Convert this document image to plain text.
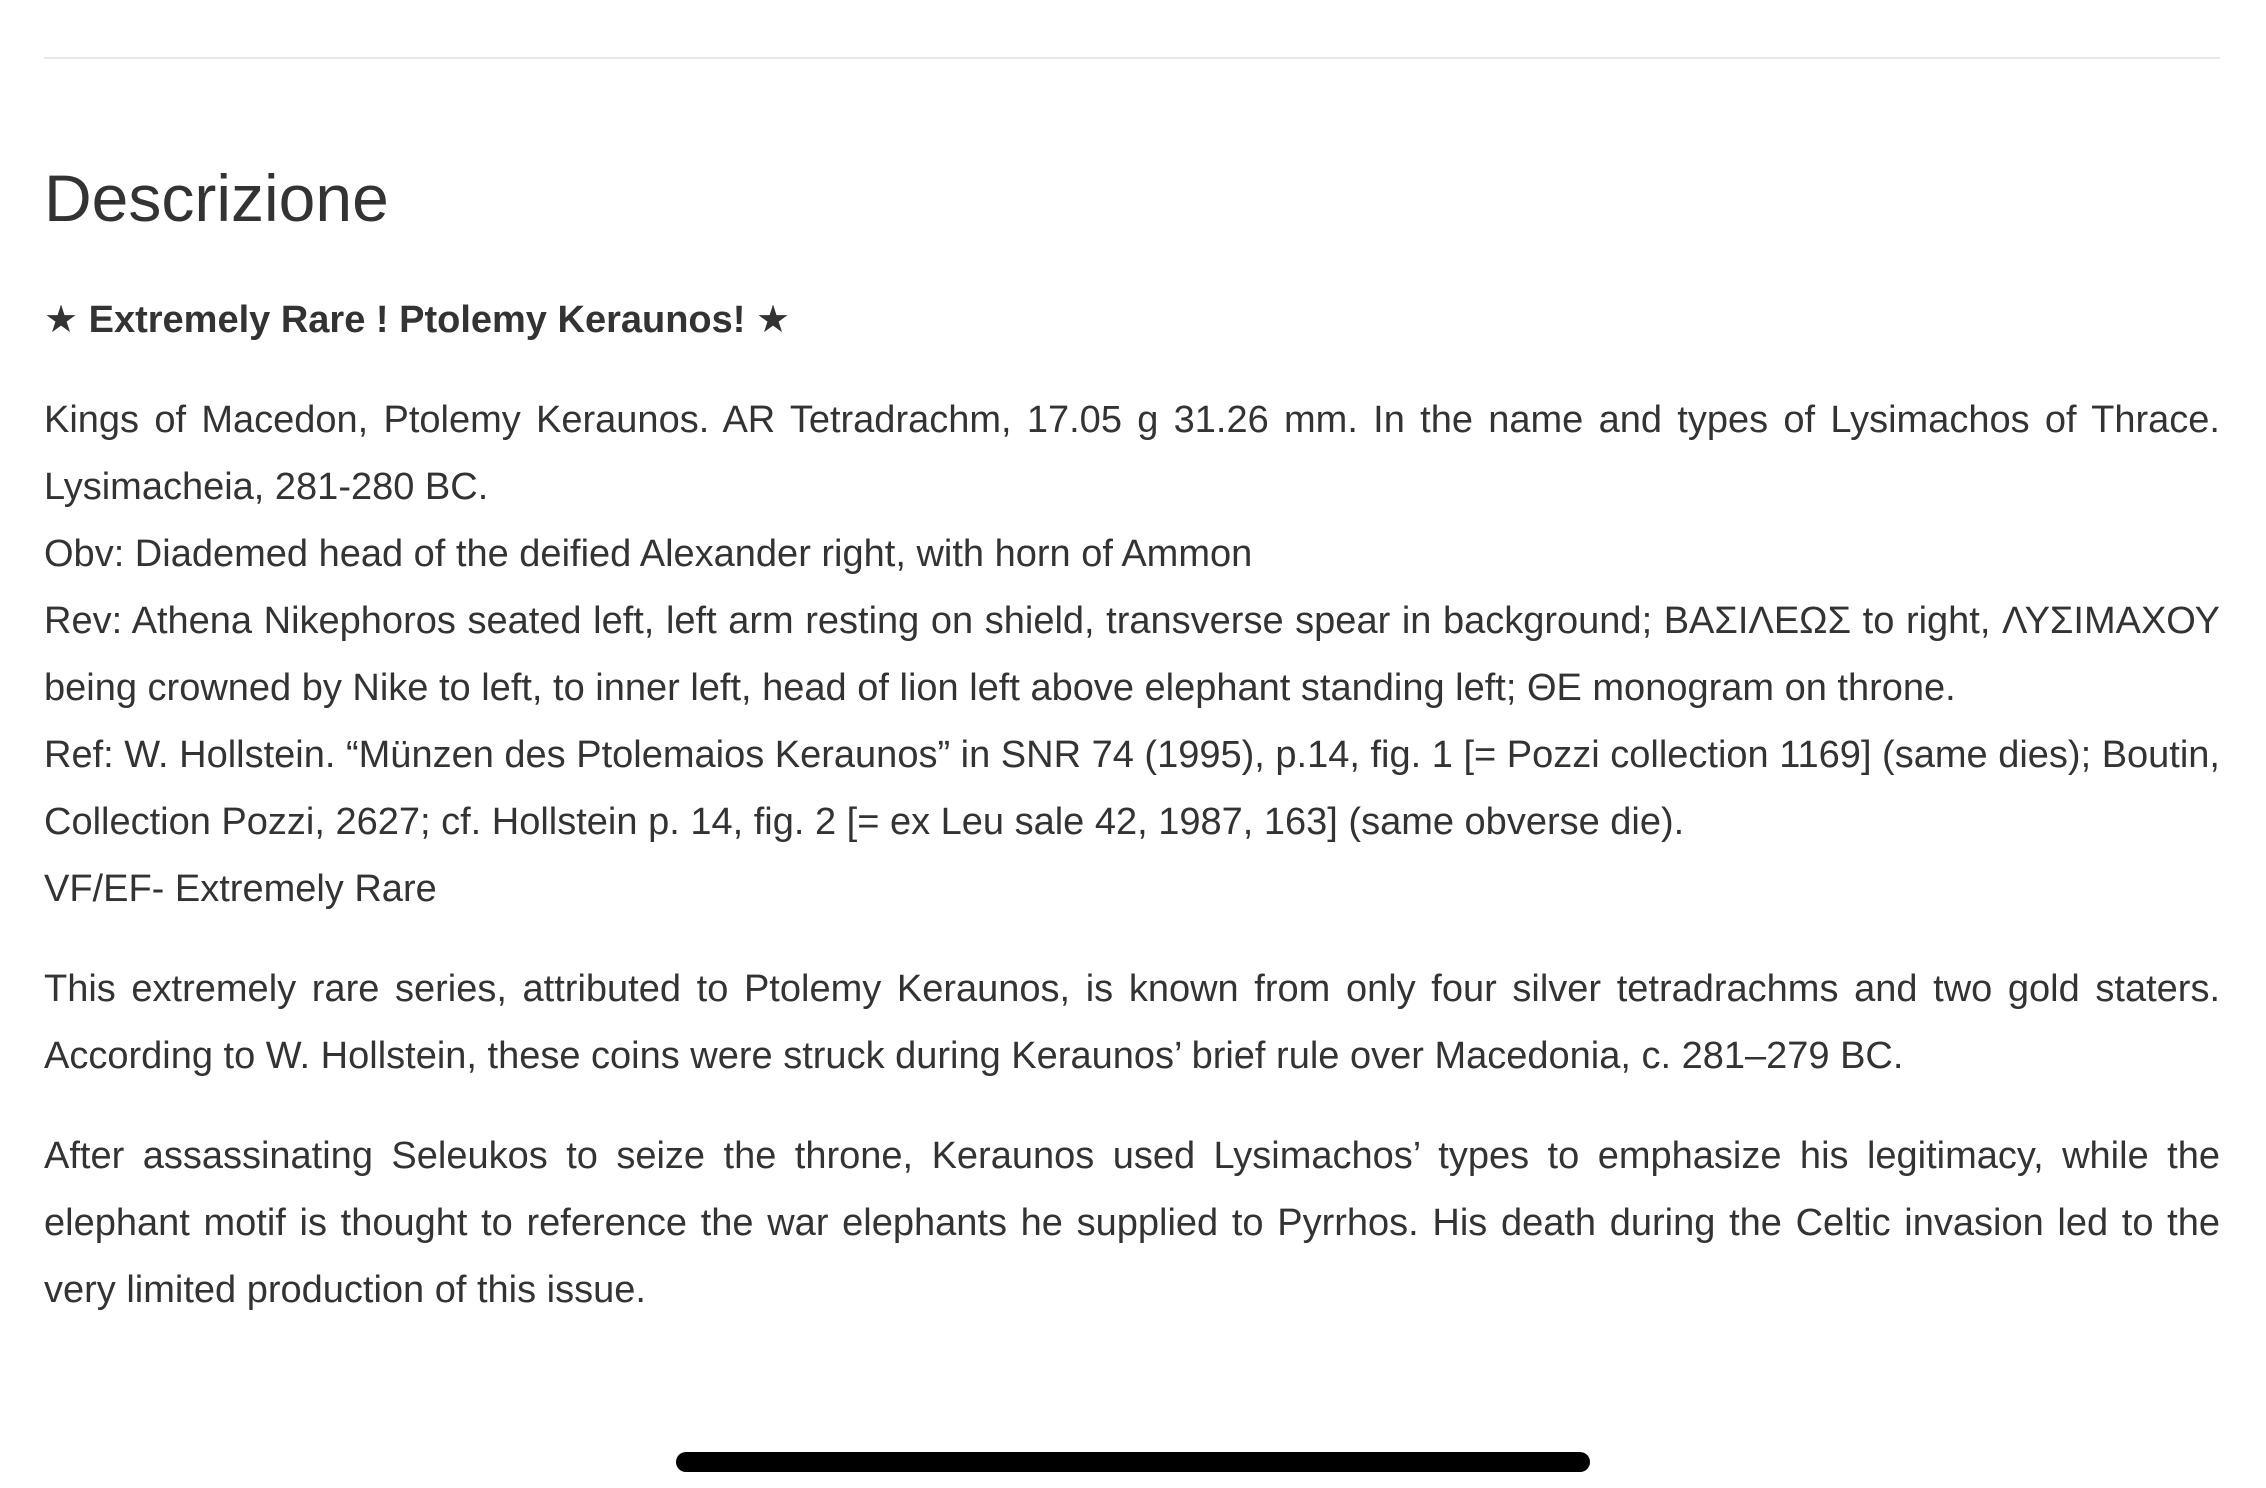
Descrizione

★ Extremely Rare ! Ptolemy Keraunos! ★

Kings of Macedon, Ptolemy Keraunos. AR Tetradrachm, 17.05 g 31.26 mm. In the name and types of Lysimachos of Thrace. Lysimacheia, 281-280 BC.

Obv: Diademed head of the deified Alexander right, with horn of Ammon

Rev: Athena Nikephoros seated left, left arm resting on shield, transverse spear in background; ΒΑΣΙΛΕΩΣ to right, ΛΥΣΙΜΑΧΟΥ being crowned by Nike to left, to inner left, head of lion left above elephant standing left; ΘΕ monogram on throne.

Ref: W. Hollstein. “Münzen des Ptolemaios Keraunos” in SNR 74 (1995), p.14, fig. 1 [= Pozzi collection 1169] (same dies); Boutin, Collection Pozzi, 2627; cf. Hollstein p. 14, fig. 2 [= ex Leu sale 42, 1987, 163] (same obverse die).

VF/EF- Extremely Rare

This extremely rare series, attributed to Ptolemy Keraunos, is known from only four silver tetradrachms and two gold staters. According to W. Hollstein, these coins were struck during Keraunos’ brief rule over Macedonia, c. 281–279 BC.

After assassinating Seleukos to seize the throne, Keraunos used Lysimachos’ types to emphasize his legitimacy, while the elephant motif is thought to reference the war elephants he supplied to Pyrrhos. His death during the Celtic invasion led to the very limited production of this issue.
